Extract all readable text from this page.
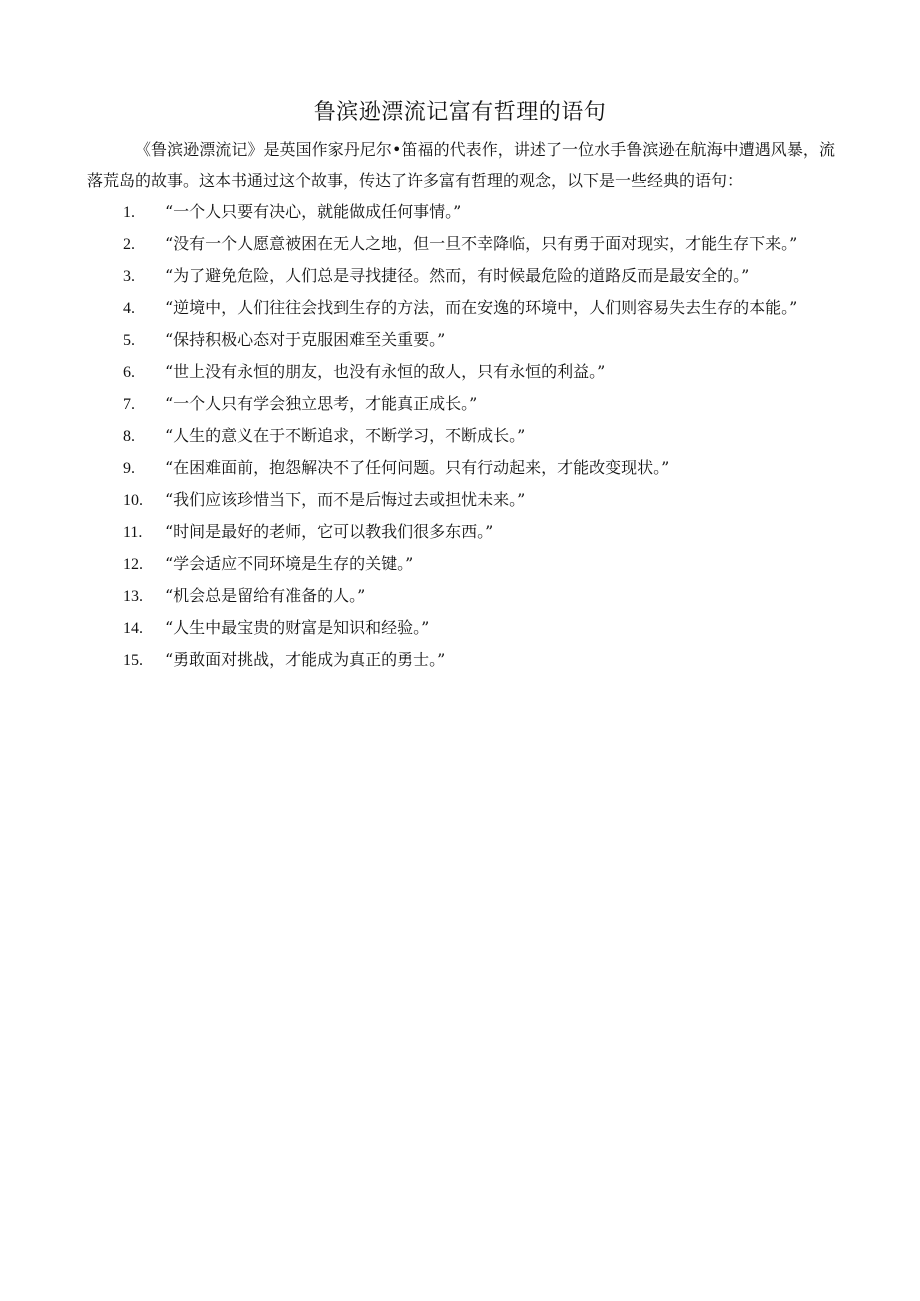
鲁滨逊漂流记富有哲理的语句

《鲁滨逊漂流记》是英国作家丹尼尔•笛福的代表作，讲述了一位水手鲁滨逊在航海中遭遇风暴，流落荒岛的故事。这本书通过这个故事，传达了许多富有哲理的观念，以下是一些经典的语句：

1. “一个人只要有决心，就能做成任何事情。”
2. “没有一个人愿意被困在无人之地，但一旦不幸降临，只有勇于面对现实，才能生存下来。”
3. “为了避免危险，人们总是寻找捷径。然而，有时候最危险的道路反而是最安全的。”
4. “逆境中，人们往往会找到生存的方法，而在安逸的环境中，人们则容易失去生存的本能。”
5. “保持积极心态对于克服困难至关重要。”
6. “世上没有永恒的朋友，也没有永恒的敌人，只有永恒的利益。”
7. “一个人只有学会独立思考，才能真正成长。”
8. “人生的意义在于不断追求，不断学习，不断成长。”
9. “在困难面前，抱怨解决不了任何问题。只有行动起来，才能改变现状。”
10. “我们应该珍惜当下，而不是后悔过去或担忧未来。”
11. “时间是最好的老师，它可以教我们很多东西。”
12. “学会适应不同环境是生存的关键。”
13. “机会总是留给有准备的人。”
14. “人生中最宝贵的财富是知识和经验。”
15. “勇敢面对挑战，才能成为真正的勇士。”
